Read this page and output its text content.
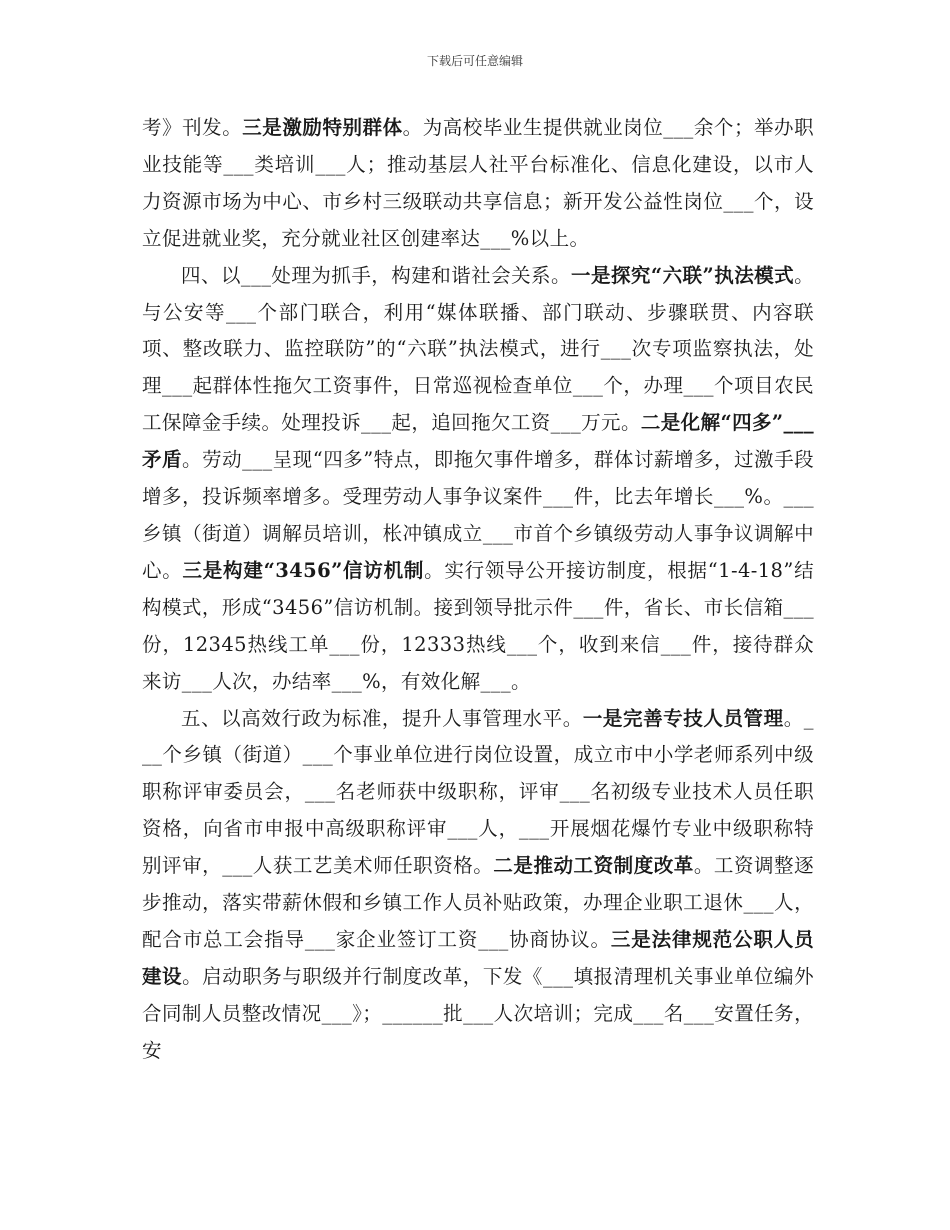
下载后可任意编辑

考》刊发。三是激励特别群体。为高校毕业生提供就业岗位___余个；举办职业技能等___类培训___人；推动基层人社平台标准化、信息化建设，以市人力资源市场为中心、市乡村三级联动共享信息；新开发公益性岗位___个，设立促进就业奖，充分就业社区创建率达___%以上。

四、以___处理为抓手，构建和谐社会关系。一是探究“六联”执法模式。与公安等___个部门联合，利用“媒体联播、部门联动、步骤联贯、内容联项、整改联力、监控联防”的“六联”执法模式，进行___次专项监察执法，处理___起群体性拖欠工资事件，日常巡视检查单位___个，办理___个项目农民工保障金手续。处理投诉___起，追回拖欠工资___万元。二是化解“四多”___矛盾。劳动___呈现“四多”特点，即拖欠事件增多，群体讨薪增多，过激手段增多，投诉频率增多。受理劳动人事争议案件___件，比去年增长___%。___乡镇（街道）调解员培训，枨冲镇成立___市首个乡镇级劳动人事争议调解中心。三是构建“3456”信访机制。实行领导公开接访制度，根据“1-4-18”结构模式，形成“3456”信访机制。接到领导批示件___件，省长、市长信箱___份，12345热线工单___份，12333热线___个，收到来信___件，接待群众来访___人次，办结率___%，有效化解___。

五、以高效行政为标准，提升人事管理水平。一是完善专技人员管理。___个乡镇（街道）___个事业单位进行岗位设置，成立市中小学老师系列中级职称评审委员会，___名老师获中级职称，评审___名初级专业技术人员任职资格，向省市申报中高级职称评审___人，___开展烟花爆竹专业中级职称特别评审，___人获工艺美术师任职资格。二是推动工资制度改革。工资调整逐步推动，落实带薪休假和乡镇工作人员补贴政策，办理企业职工退休___人，配合市总工会指导___家企业签订工资___协商协议。三是法律规范公职人员建设。启动职务与职级并行制度改革，下发《___填报清理机关事业单位编外合同制人员整改情况___》；______批___人次培训；完成___名___安置任务，安
